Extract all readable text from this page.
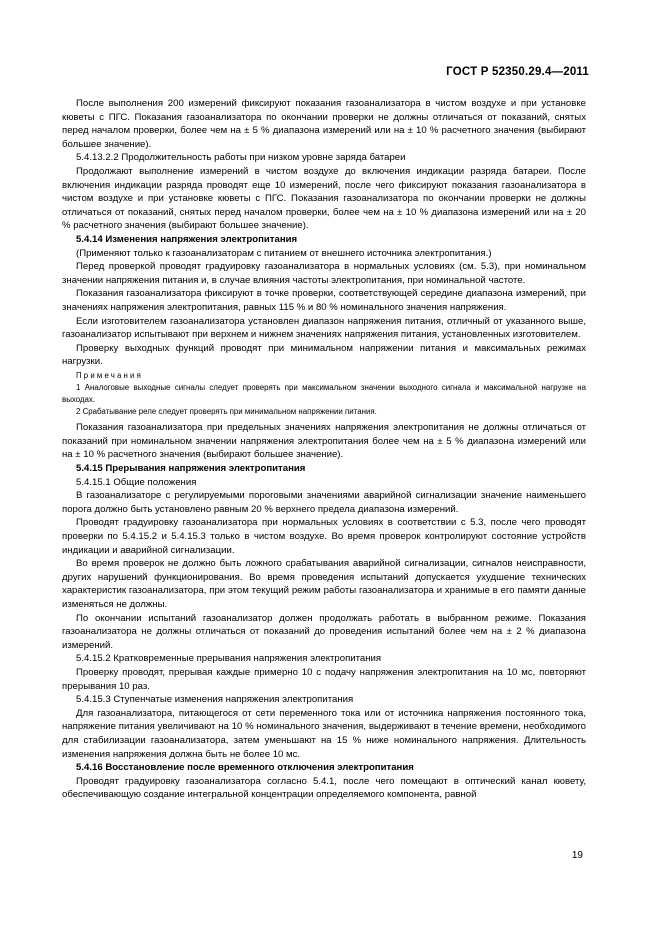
ГОСТ Р 52350.29.4—2011

После выполнения 200 измерений фиксируют показания газоанализатора в чистом воздухе и при установке кюветы с ПГС. Показания газоанализатора по окончании проверки не должны отличаться от показаний, снятых перед началом проверки, более чем на ± 5 % диапазона измерений или на ± 10 % расчетного значения (выбирают большее значение).

5.4.13.2.2 Продолжительность работы при низком уровне заряда батареи

Продолжают выполнение измерений в чистом воздухе до включения индикации разряда батареи. После включения индикации разряда проводят еще 10 измерений, после чего фиксируют показания газоанализатора в чистом воздухе и при установке кюветы с ПГС. Показания газоанализатора по окончании проверки не должны отличаться от показаний, снятых перед началом проверки, более чем на ± 10 % диапазона измерений или на ± 20 % расчетного значения (выбирают большее значение).

5.4.14 Изменения напряжения электропитания

(Применяют только к газоанализаторам с питанием от внешнего источника электропитания.)

Перед проверкой проводят градуировку газоанализатора в нормальных условиях (см. 5.3), при номинальном значении напряжения питания и, в случае влияния частоты электропитания, при номинальной частоте.

Показания газоанализатора фиксируют в точке проверки, соответствующей середине диапазона измерений, при значениях напряжения электропитания, равных 115 % и 80 % номинального значения напряжения.

Если изготовителем газоанализатора установлен диапазон напряжения питания, отличный от указанного выше, газоанализатор испытывают при верхнем и нижнем значениях напряжения питания, установленных изготовителем.

Проверку выходных функций проводят при минимальном напряжении питания и максимальных режимах нагрузки.

Примечания

1 Аналоговые выходные сигналы следует проверять при максимальном значении выходного сигнала и максимальной нагрузке на выходах.

2 Срабатывание реле следует проверять при минимальном напряжении питания.

Показания газоанализатора при предельных значениях напряжения электропитания не должны отличаться от показаний при номинальном значении напряжения электропитания более чем на ± 5 % диапазона измерений или на ± 10 % расчетного значения (выбирают большее значение).

5.4.15 Прерывания напряжения электропитания

5.4.15.1 Общие положения

В газоанализаторе с регулируемыми пороговыми значениями аварийной сигнализации значение наименьшего порога должно быть установлено равным 20 % верхнего предела диапазона измерений.

Проводят градуировку газоанализатора при нормальных условиях в соответствии с 5.3, после чего проводят проверки по 5.4.15.2 и 5.4.15.3 только в чистом воздухе. Во время проверок контролируют состояние устройств индикации и аварийной сигнализации.

Во время проверок не должно быть ложного срабатывания аварийной сигнализации, сигналов неисправности, других нарушений функционирования. Во время проведения испытаний допускается ухудшение технических характеристик газоанализатора, при этом текущий режим работы газоанализатора и хранимые в его памяти данные изменяться не должны.

По окончании испытаний газоанализатор должен продолжать работать в выбранном режиме. Показания газоанализатора не должны отличаться от показаний до проведения испытаний более чем на ± 2 % диапазона измерений.

5.4.15.2 Кратковременные прерывания напряжения электропитания

Проверку проводят, прерывая каждые примерно 10 с подачу напряжения электропитания на 10 мс, повторяют прерывания 10 раз.

5.4.15.3 Ступенчатые изменения напряжения электропитания

Для газоанализатора, питающегося от сети переменного тока или от источника напряжения постоянного тока, напряжение питания увеличивают на 10 % номинального значения, выдерживают в течение времени, необходимого для стабилизации газоанализатора, затем уменьшают на 15 % ниже номинального напряжения. Длительность изменения напряжения должна быть не более 10 мс.

5.4.16 Восстановление после временного отключения электропитания

Проводят градуировку газоанализатора согласно 5.4.1, после чего помещают в оптический канал кювету, обеспечивающую создание интегральной концентрации определяемого компонента, равной

19
